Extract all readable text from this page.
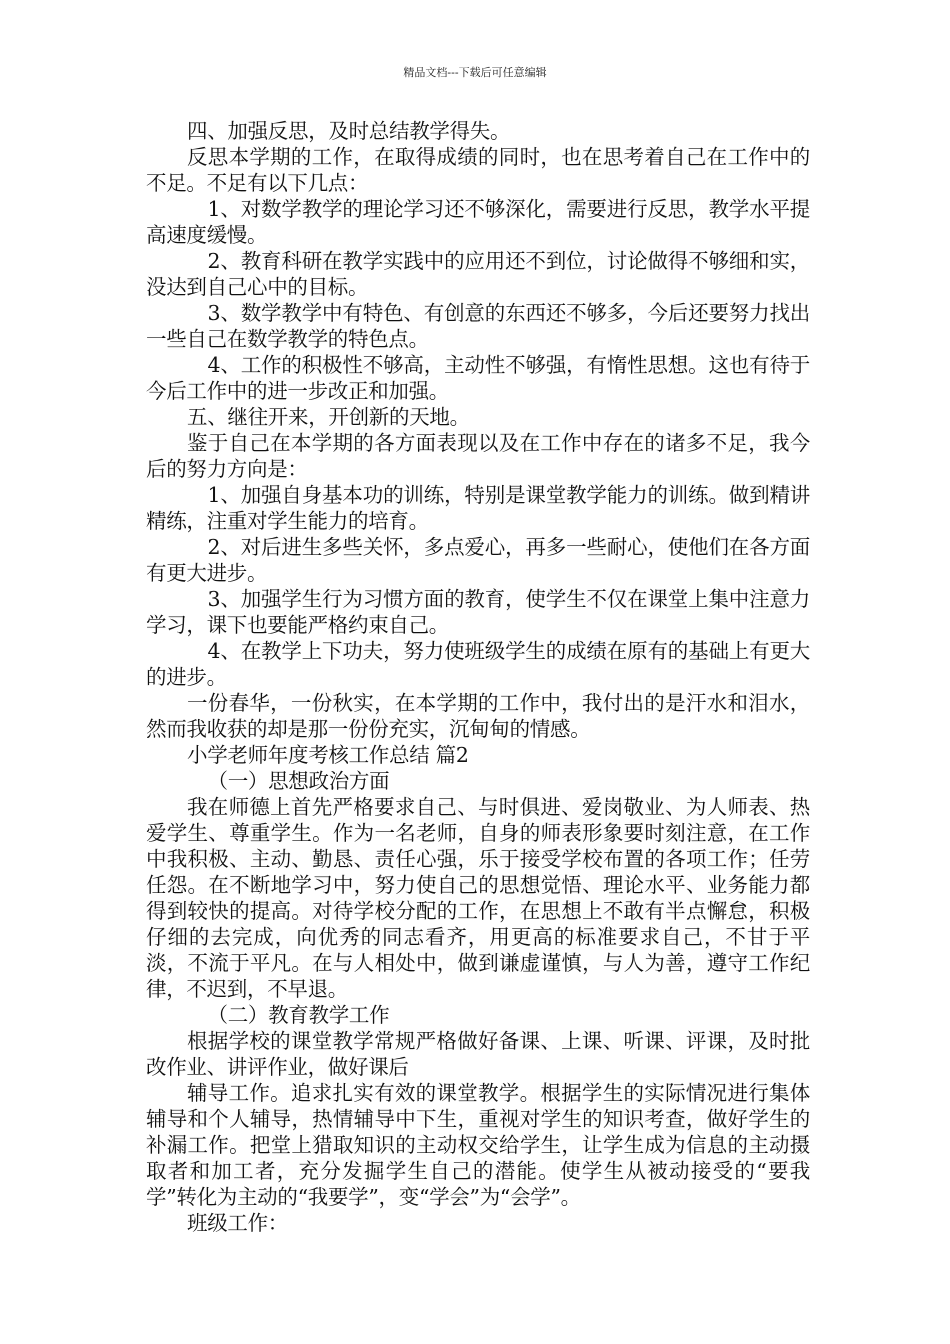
精品文档---下载后可任意编辑

四、加强反思，及时总结教学得失。

反思本学期的工作，在取得成绩的同时，也在思考着自己在工作中的不足。不足有以下几点：

1、对数学教学的理论学习还不够深化，需要进行反思，教学水平提高速度缓慢。

2、教育科研在教学实践中的应用还不到位，讨论做得不够细和实，没达到自己心中的目标。

3、数学教学中有特色、有创意的东西还不够多，今后还要努力找出一些自己在数学教学的特色点。

4、工作的积极性不够高，主动性不够强，有惰性思想。这也有待于今后工作中的进一步改正和加强。

五、继往开来，开创新的天地。

鉴于自己在本学期的各方面表现以及在工作中存在的诸多不足，我今后的努力方向是：

1、加强自身基本功的训练，特别是课堂教学能力的训练。做到精讲精练，注重对学生能力的培育。

2、对后进生多些关怀，多点爱心，再多一些耐心，使他们在各方面有更大进步。

3、加强学生行为习惯方面的教育，使学生不仅在课堂上集中注意力学习，课下也要能严格约束自己。

4、在教学上下功夫，努力使班级学生的成绩在原有的基础上有更大的进步。

一份春华，一份秋实，在本学期的工作中，我付出的是汗水和泪水，然而我收获的却是那一份份充实，沉甸甸的情感。

小学老师年度考核工作总结 篇2

（一）思想政治方面

我在师德上首先严格要求自己、与时俱进、爱岗敬业、为人师表、热爱学生、尊重学生。作为一名老师，自身的师表形象要时刻注意，在工作中我积极、主动、勤恳、责任心强，乐于接受学校布置的各项工作；任劳任怨。在不断地学习中，努力使自己的思想觉悟、理论水平、业务能力都得到较快的提高。对待学校分配的工作，在思想上不敢有半点懈怠，积极仔细的去完成，向优秀的同志看齐，用更高的标准要求自己，不甘于平淡，不流于平凡。在与人相处中，做到谦虚谨慎，与人为善，遵守工作纪律，不迟到，不早退。

（二）教育教学工作

根据学校的课堂教学常规严格做好备课、上课、听课、评课，及时批改作业、讲评作业，做好课后

辅导工作。追求扎实有效的课堂教学。根据学生的实际情况进行集体辅导和个人辅导，热情辅导中下生，重视对学生的知识考查，做好学生的补漏工作。把堂上猎取知识的主动权交给学生，让学生成为信息的主动摄取者和加工者，充分发掘学生自己的潜能。使学生从被动接受的“要我学”转化为主动的“我要学”，变“学会”为“会学”。

班级工作：
